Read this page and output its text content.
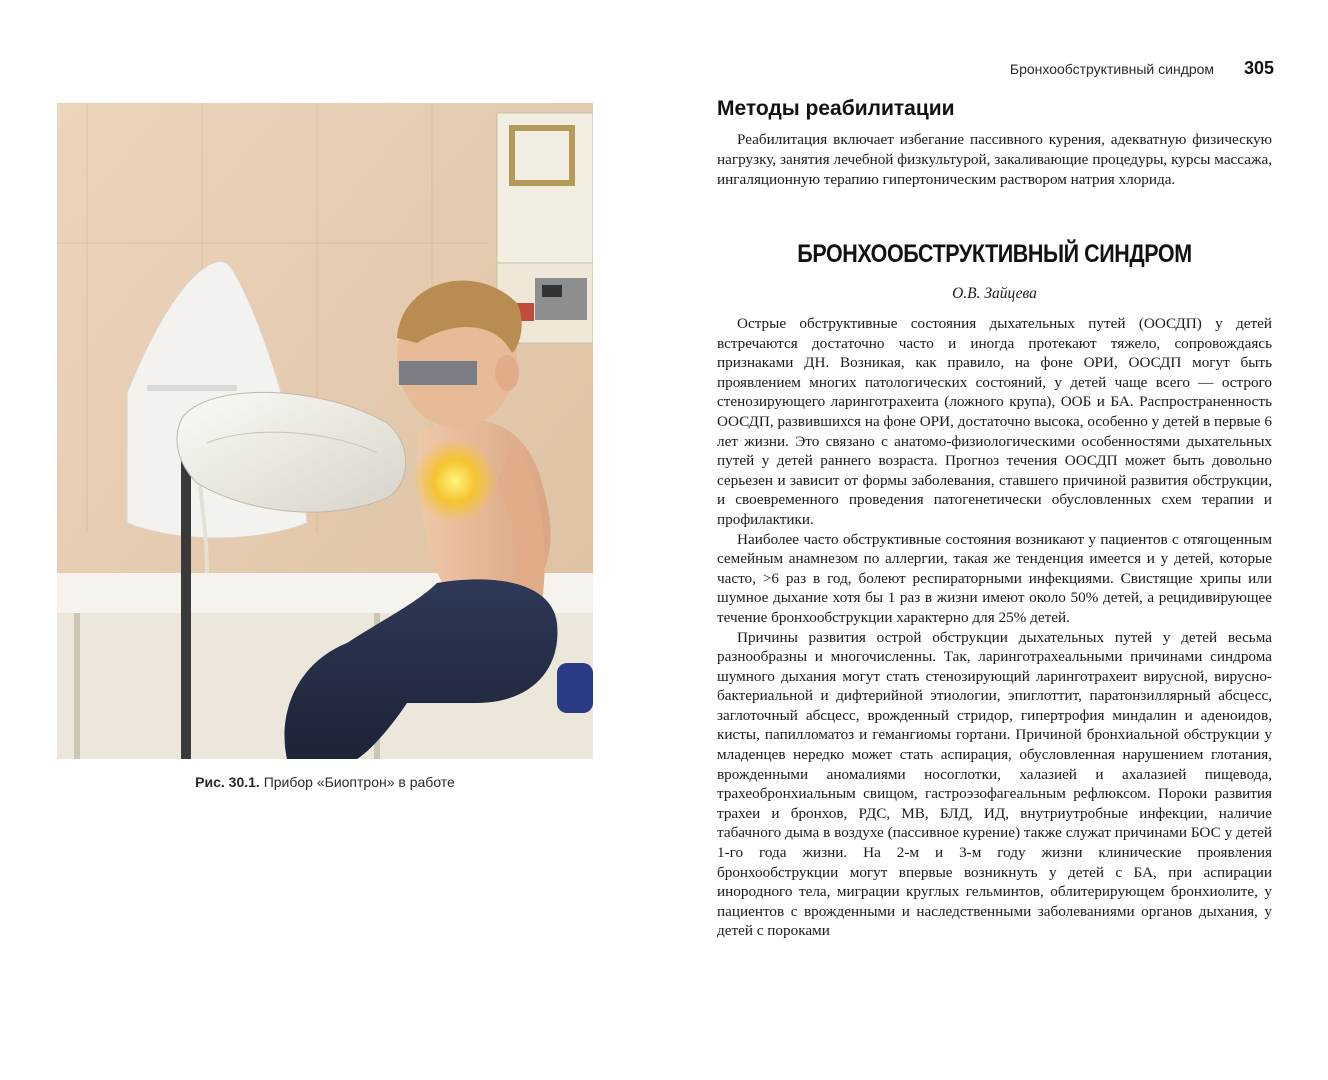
Рис. 30.1. Прибор «Биоптрон» в работе
Бронхообструктивный синдром 305
Методы реабилитации

Реабилитация включает избегание пассивного курения, адекватную физическую нагрузку, занятия лечебной физкультурой, закаливающие процедуры, курсы массажа, ингаляционную терапию гипертоническим раствором натрия хлорида.

БРОНХООБСТРУКТИВНЫЙ СИНДРОМ
О.В. Зайцева

Острые обструктивные состояния дыхательных путей (ООСДП) у детей встречаются достаточно часто и иногда протекают тяжело, сопровождаясь признаками ДН. Возникая, как правило, на фоне ОРИ, ООСДП могут быть проявлением многих патологических состояний, у детей чаще всего — острого стенозирующего ларинготрахеита (ложного крупа), ООБ и БА. Распространенность ООСДП, развившихся на фоне ОРИ, достаточно высока, особенно у детей в первые 6 лет жизни. Это связано с анатомо-физиологическими особенностями дыхательных путей у детей раннего возраста. Прогноз течения ООСДП может быть довольно серьезен и зависит от формы заболевания, ставшего причиной развития обструкции, и своевременного проведения патогенетически обусловленных схем терапии и профилактики.

Наиболее часто обструктивные состояния возникают у пациентов с отягощенным семейным анамнезом по аллергии, такая же тенденция имеется и у детей, которые часто, >6 раз в год, болеют респираторными инфекциями. Свистящие хрипы или шумное дыхание хотя бы 1 раз в жизни имеют около 50% детей, а рецидивирующее течение бронхообструкции характерно для 25% детей.

Причины развития острой обструкции дыхательных путей у детей весьма разнообразны и многочисленны. Так, ларинготрахеальными причинами синдрома шумного дыхания могут стать стенозирующий ларинготрахеит вирусной, вирусно-бактериальной и дифтерийной этиологии, эпиглоттит, паратонзиллярный абсцесс, заглоточный абсцесс, врожденный стридор, гипертрофия миндалин и аденоидов, кисты, папилломатоз и гемангиомы гортани. Причиной бронхиальной обструкции у младенцев нередко может стать аспирация, обусловленная нарушением глотания, врожденными аномалиями носоглотки, халазией и ахалазией пищевода, трахеобронхиальным свищом, гастроэзофагеальным рефлюксом. Пороки развития трахеи и бронхов, РДС, МВ, БЛД, ИД, внутриутробные инфекции, наличие табачного дыма в воздухе (пассивное курение) также служат причинами БОС у детей 1-го года жизни. На 2-м и 3-м году жизни клинические проявления бронхообструкции могут впервые возникнуть у детей с БА, при аспирации инородного тела, миграции круглых гельминтов, облитерирующем бронхиолите, у пациентов с врожденными и наследственными заболеваниями органов дыхания, у детей с пороками
